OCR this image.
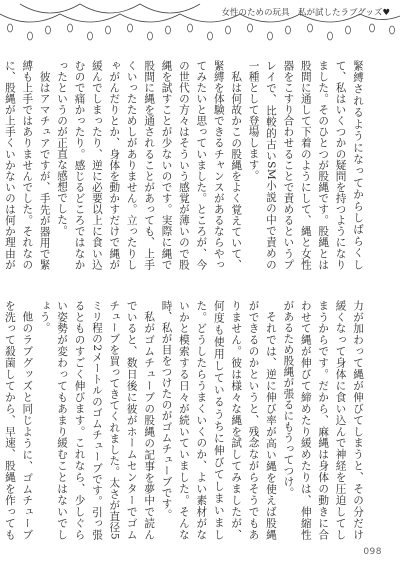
女性のための玩具　私が試したラブグッズ♥

緊縛されるようになってからしばらくして、私はいくつかの疑問を持つようになりました。そのひとつが股縄です。股縄とは股間に通して下着のようにして、縄と女性器をこすり合わせることで責めるというプレイで、比較的古いSM小説の中で責めの一種として登場します。

私は何故かこの股縄をよく覚えていて、緊縛を体験できるチャンスがあるならやってみたいと思っていました。ところが、今の世代の方々はそういう感覚が薄いので股縄を試すことが少ないのです。実際に縄で股間に縄を通されることがあっても、上手くいったためしがありません。立ったりしゃがんだりとか、身体を動かすだけで縄が緩んでしまったり、逆に必要以上に食い込むので痛かったり。感じるどころではなかったというのが正直な感想でした。

彼はアマチュアですが、手先が器用で緊縛も上手ではありませんでした。それなのに、股縄が上手くいかないのは何か理由が

力が加わって縄が伸びてしまうと、その分だけ緩くなって身体に食い込んで神経を圧迫してしまうからです。だから、麻縄は身体の動きに合わせて縄が伸びて締めたり緩めたりは、伸縮性があるため股縄が張るにもうってつけ。

それでは、逆に伸び率が高い縄を使えば股縄ができるのかというと、残念ながらそうでもありません。彼は様々な縄を試してみましたが、何度も使用しているうちに伸びてしまいました。どうしたらうまくいくのか、よい素材がないかと模索する日々が続いていました。そんな時、私が目をつけたのがゴムチューブです。

私がゴムチューブの股縄の記事を夢中で読んでいると、数日後に彼がホームセンターでゴムチューブを買ってきてくれました。太さが直径5ミリ程の2メートルのゴムチューブです。引っ張るとものすごく伸びます。これなら、少しぐらい姿勢が変わってもあまり緩むことはないでしょう。

他のラブグッズと同じように、ゴムチューブを洗って殺菌してから、早速、股縄を作っても

098
